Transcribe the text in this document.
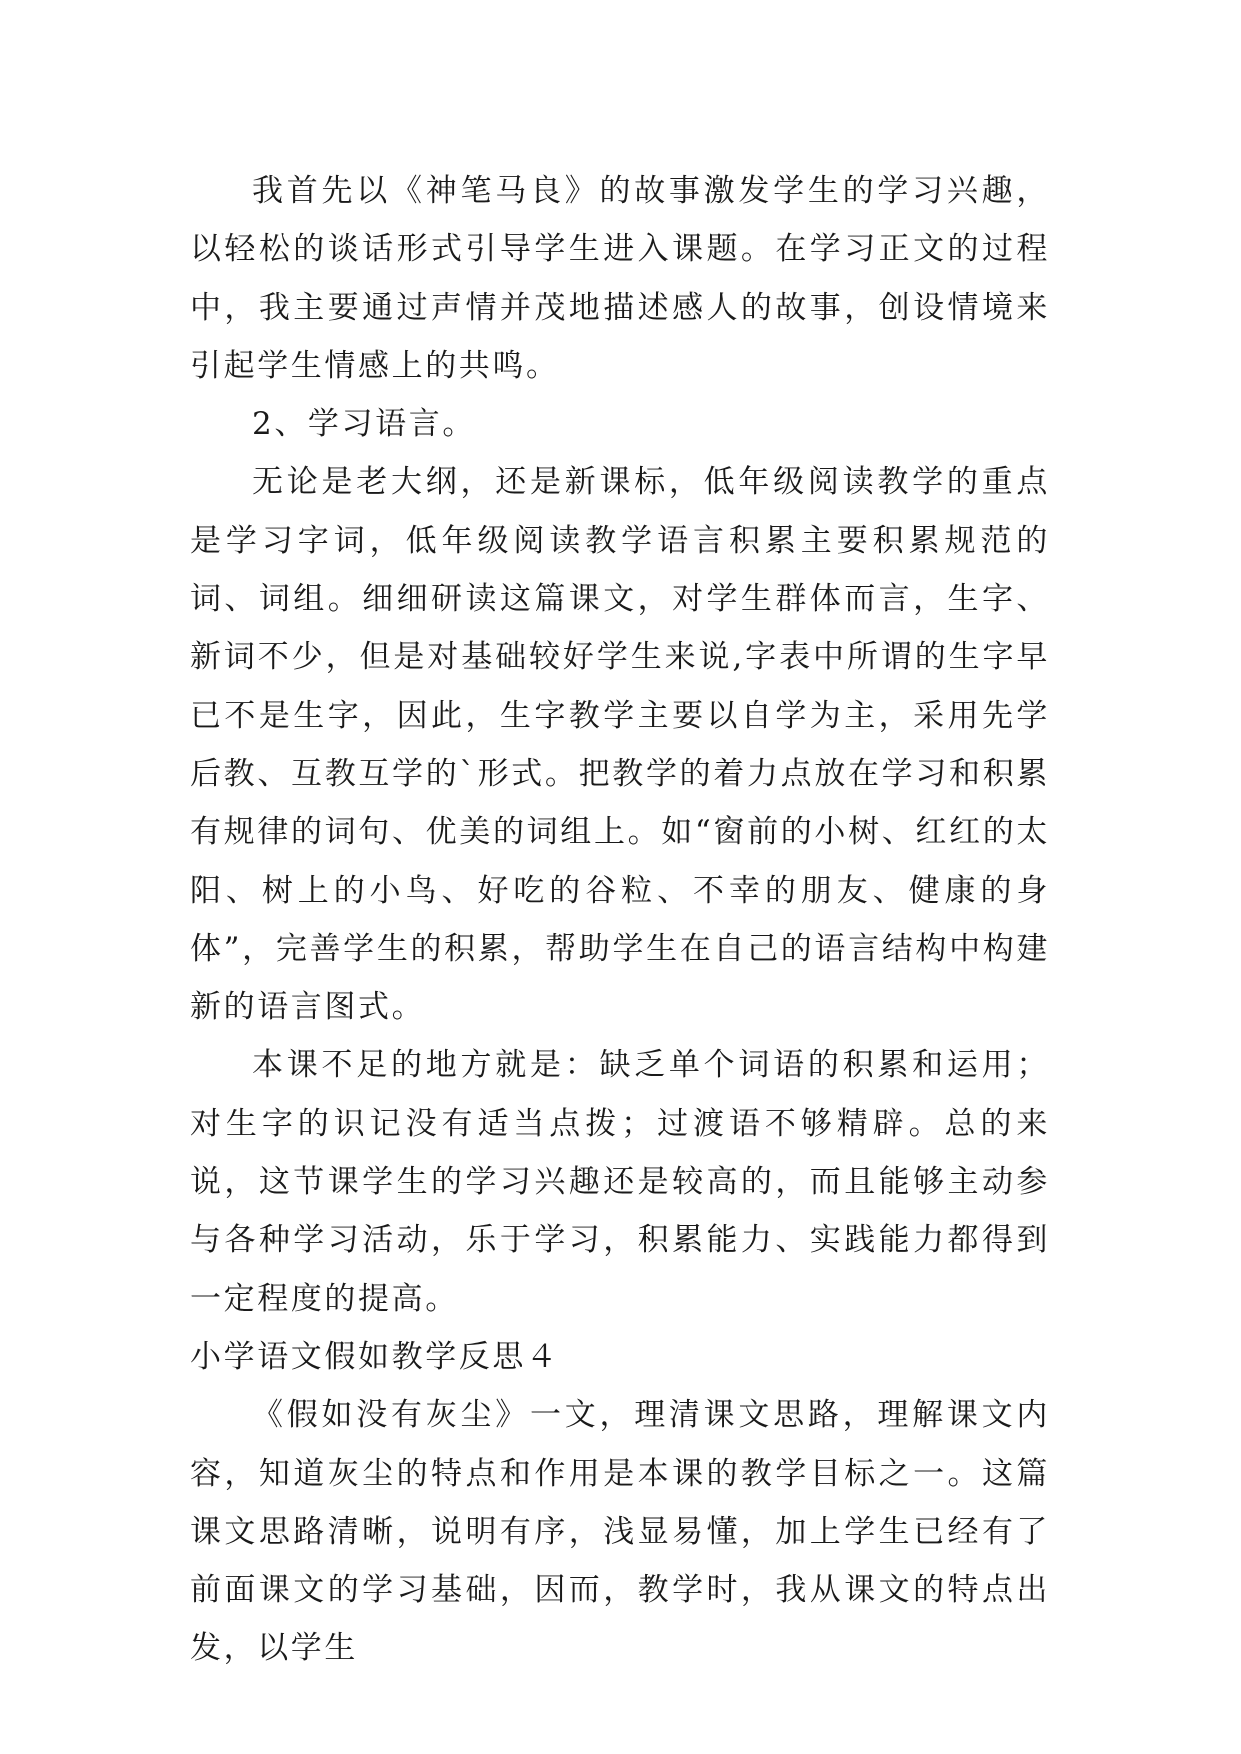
我首先以《神笔马良》的故事激发学生的学习兴趣，以轻松的谈话形式引导学生进入课题。在学习正文的过程中，我主要通过声情并茂地描述感人的故事，创设情境来引起学生情感上的共鸣。

2、学习语言。

无论是老大纲，还是新课标，低年级阅读教学的重点是学习字词，低年级阅读教学语言积累主要积累规范的词、词组。细细研读这篇课文，对学生群体而言，生字、新词不少，但是对基础较好学生来说,字表中所谓的生字早已不是生字，因此，生字教学主要以自学为主，采用先学后教、互教互学的`形式。把教学的着力点放在学习和积累有规律的词句、优美的词组上。如“窗前的小树、红红的太阳、树上的小鸟、好吃的谷粒、不幸的朋友、健康的身体”，完善学生的积累，帮助学生在自己的语言结构中构建新的语言图式。

本课不足的地方就是：缺乏单个词语的积累和运用；对生字的识记没有适当点拨；过渡语不够精辟。总的来说，这节课学生的学习兴趣还是较高的，而且能够主动参与各种学习活动，乐于学习，积累能力、实践能力都得到一定程度的提高。

小学语文假如教学反思４

《假如没有灰尘》一文，理清课文思路，理解课文内容，知道灰尘的特点和作用是本课的教学目标之一。这篇课文思路清晰，说明有序，浅显易懂，加上学生已经有了前面课文的学习基础，因而，教学时，我从课文的特点出发，以学生
